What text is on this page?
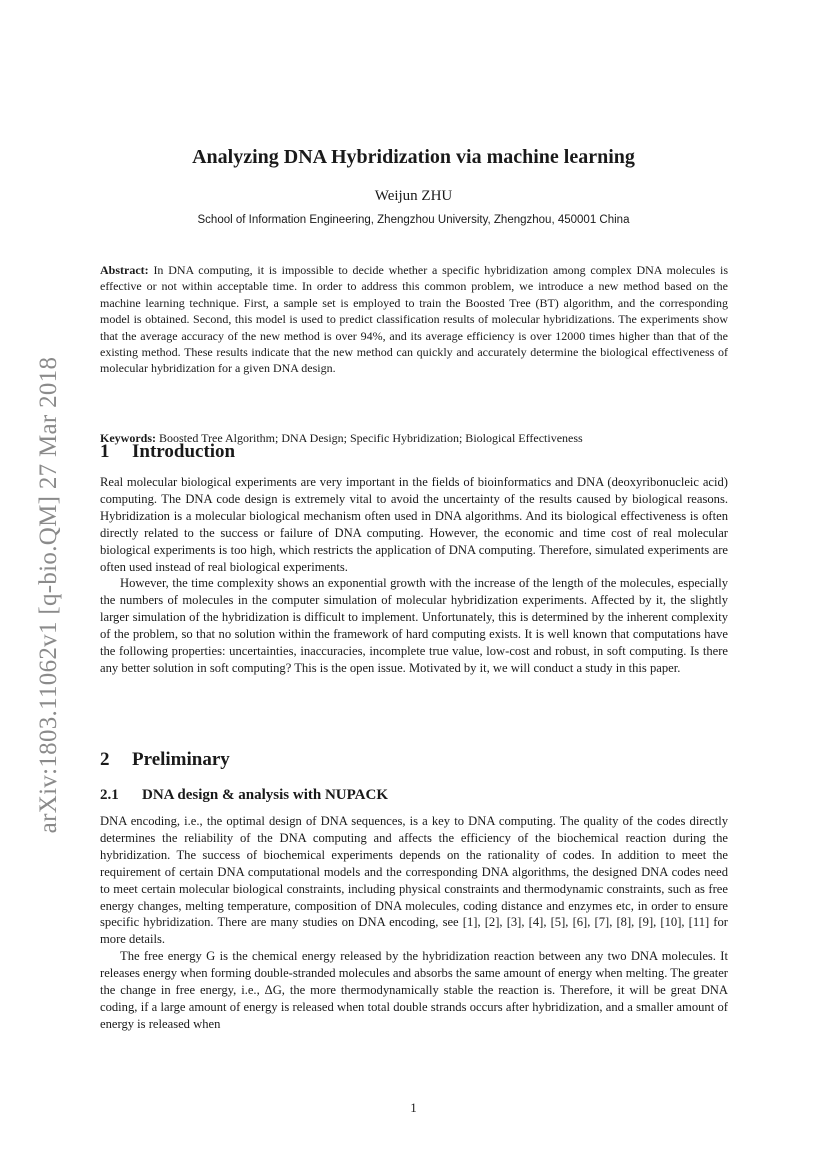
arXiv:1803.11062v1 [q-bio.QM] 27 Mar 2018
Analyzing DNA Hybridization via machine learning
Weijun ZHU
School of Information Engineering, Zhengzhou University, Zhengzhou, 450001 China

Abstract: In DNA computing, it is impossible to decide whether a specific hybridization among complex DNA molecules is effective or not within acceptable time. In order to address this common problem, we introduce a new method based on the machine learning technique. First, a sample set is employed to train the Boosted Tree (BT) algorithm, and the corresponding model is obtained. Second, this model is used to predict classification results of molecular hybridizations. The experiments show that the average accuracy of the new method is over 94%, and its average efficiency is over 12000 times higher than that of the existing method. These results indicate that the new method can quickly and accurately determine the biological effectiveness of molecular hybridization for a given DNA design.

Keywords: Boosted Tree Algorithm; DNA Design; Specific Hybridization; Biological Effectiveness

1 Introduction

Real molecular biological experiments are very important in the fields of bioinformatics and DNA (deoxyribonucleic acid) computing. The DNA code design is extremely vital to avoid the uncertainty of the results caused by biological reasons. Hybridization is a molecular biological mechanism often used in DNA algorithms. And its biological effectiveness is often directly related to the success or failure of DNA computing. However, the economic and time cost of real molecular biological experiments is too high, which restricts the application of DNA computing. Therefore, simulated experiments are often used instead of real biological experiments.

However, the time complexity shows an exponential growth with the increase of the length of the molecules, especially the numbers of molecules in the computer simulation of molecular hybridization experiments. Affected by it, the slightly larger simulation of the hybridization is difficult to implement. Unfortunately, this is determined by the inherent complexity of the problem, so that no solution within the framework of hard computing exists. It is well known that computations have the following properties: uncertainties, inaccuracies, incomplete true value, low-cost and robust, in soft computing. Is there any better solution in soft computing? This is the open issue. Motivated by it, we will conduct a study in this paper.

2 Preliminary
2.1 DNA design & analysis with NUPACK

DNA encoding, i.e., the optimal design of DNA sequences, is a key to DNA computing. The quality of the codes directly determines the reliability of the DNA computing and affects the efficiency of the biochemical reaction during the hybridization. The success of biochemical experiments depends on the rationality of codes. In addition to meet the requirement of certain DNA computational models and the corresponding DNA algorithms, the designed DNA codes need to meet certain molecular biological constraints, including physical constraints and thermodynamic constraints, such as free energy changes, melting temperature, composition of DNA molecules, coding distance and enzymes etc, in order to ensure specific hybridization. There are many studies on DNA encoding, see [1], [2], [3], [4], [5], [6], [7], [8], [9], [10], [11] for more details.

The free energy G is the chemical energy released by the hybridization reaction between any two DNA molecules. It releases energy when forming double-stranded molecules and absorbs the same amount of energy when melting. The greater the change in free energy, i.e., ΔG, the more thermodynamically stable the reaction is. Therefore, it will be great DNA coding, if a large amount of energy is released when total double strands occurs after hybridization, and a smaller amount of energy is released when

1
